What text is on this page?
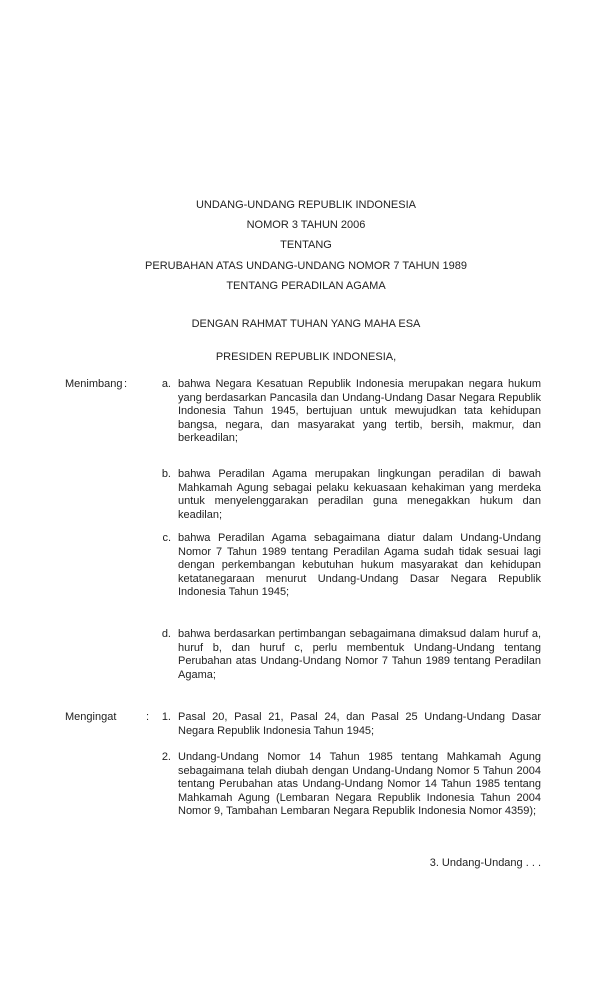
UNDANG-UNDANG REPUBLIK INDONESIA
NOMOR 3 TAHUN 2006
TENTANG
PERUBAHAN ATAS UNDANG-UNDANG NOMOR 7 TAHUN 1989
TENTANG PERADILAN AGAMA
DENGAN RAHMAT TUHAN YANG MAHA ESA
PRESIDEN REPUBLIK INDONESIA,
Menimbang :	a. bahwa Negara Kesatuan Republik Indonesia merupakan negara hukum yang berdasarkan Pancasila dan Undang-Undang Dasar Negara Republik Indonesia Tahun 1945, bertujuan untuk mewujudkan tata kehidupan bangsa, negara, dan masyarakat yang tertib, bersih, makmur, dan berkeadilan;
b. bahwa Peradilan Agama merupakan lingkungan peradilan di bawah Mahkamah Agung sebagai pelaku kekuasaan kehakiman yang merdeka untuk menyelenggarakan peradilan guna menegakkan hukum dan keadilan;
c. bahwa Peradilan Agama sebagaimana diatur dalam Undang-Undang Nomor 7 Tahun 1989 tentang Peradilan Agama sudah tidak sesuai lagi dengan perkembangan kebutuhan hukum masyarakat dan kehidupan ketatanegaraan menurut Undang-Undang Dasar Negara Republik Indonesia Tahun 1945;
d. bahwa berdasarkan pertimbangan sebagaimana dimaksud dalam huruf a, huruf b, dan huruf c, perlu membentuk Undang-Undang tentang Perubahan atas Undang-Undang Nomor 7 Tahun 1989 tentang Peradilan Agama;
Mengingat	:	1. Pasal 20, Pasal 21, Pasal 24, dan Pasal 25 Undang-Undang Dasar Negara Republik Indonesia Tahun 1945;
2. Undang-Undang Nomor 14 Tahun 1985 tentang Mahkamah Agung sebagaimana telah diubah dengan Undang-Undang Nomor 5 Tahun 2004 tentang Perubahan atas Undang-Undang Nomor 14 Tahun 1985 tentang Mahkamah Agung (Lembaran Negara Republik Indonesia Tahun 2004 Nomor 9, Tambahan Lembaran Negara Republik Indonesia Nomor 4359);
3. Undang-Undang . . .
